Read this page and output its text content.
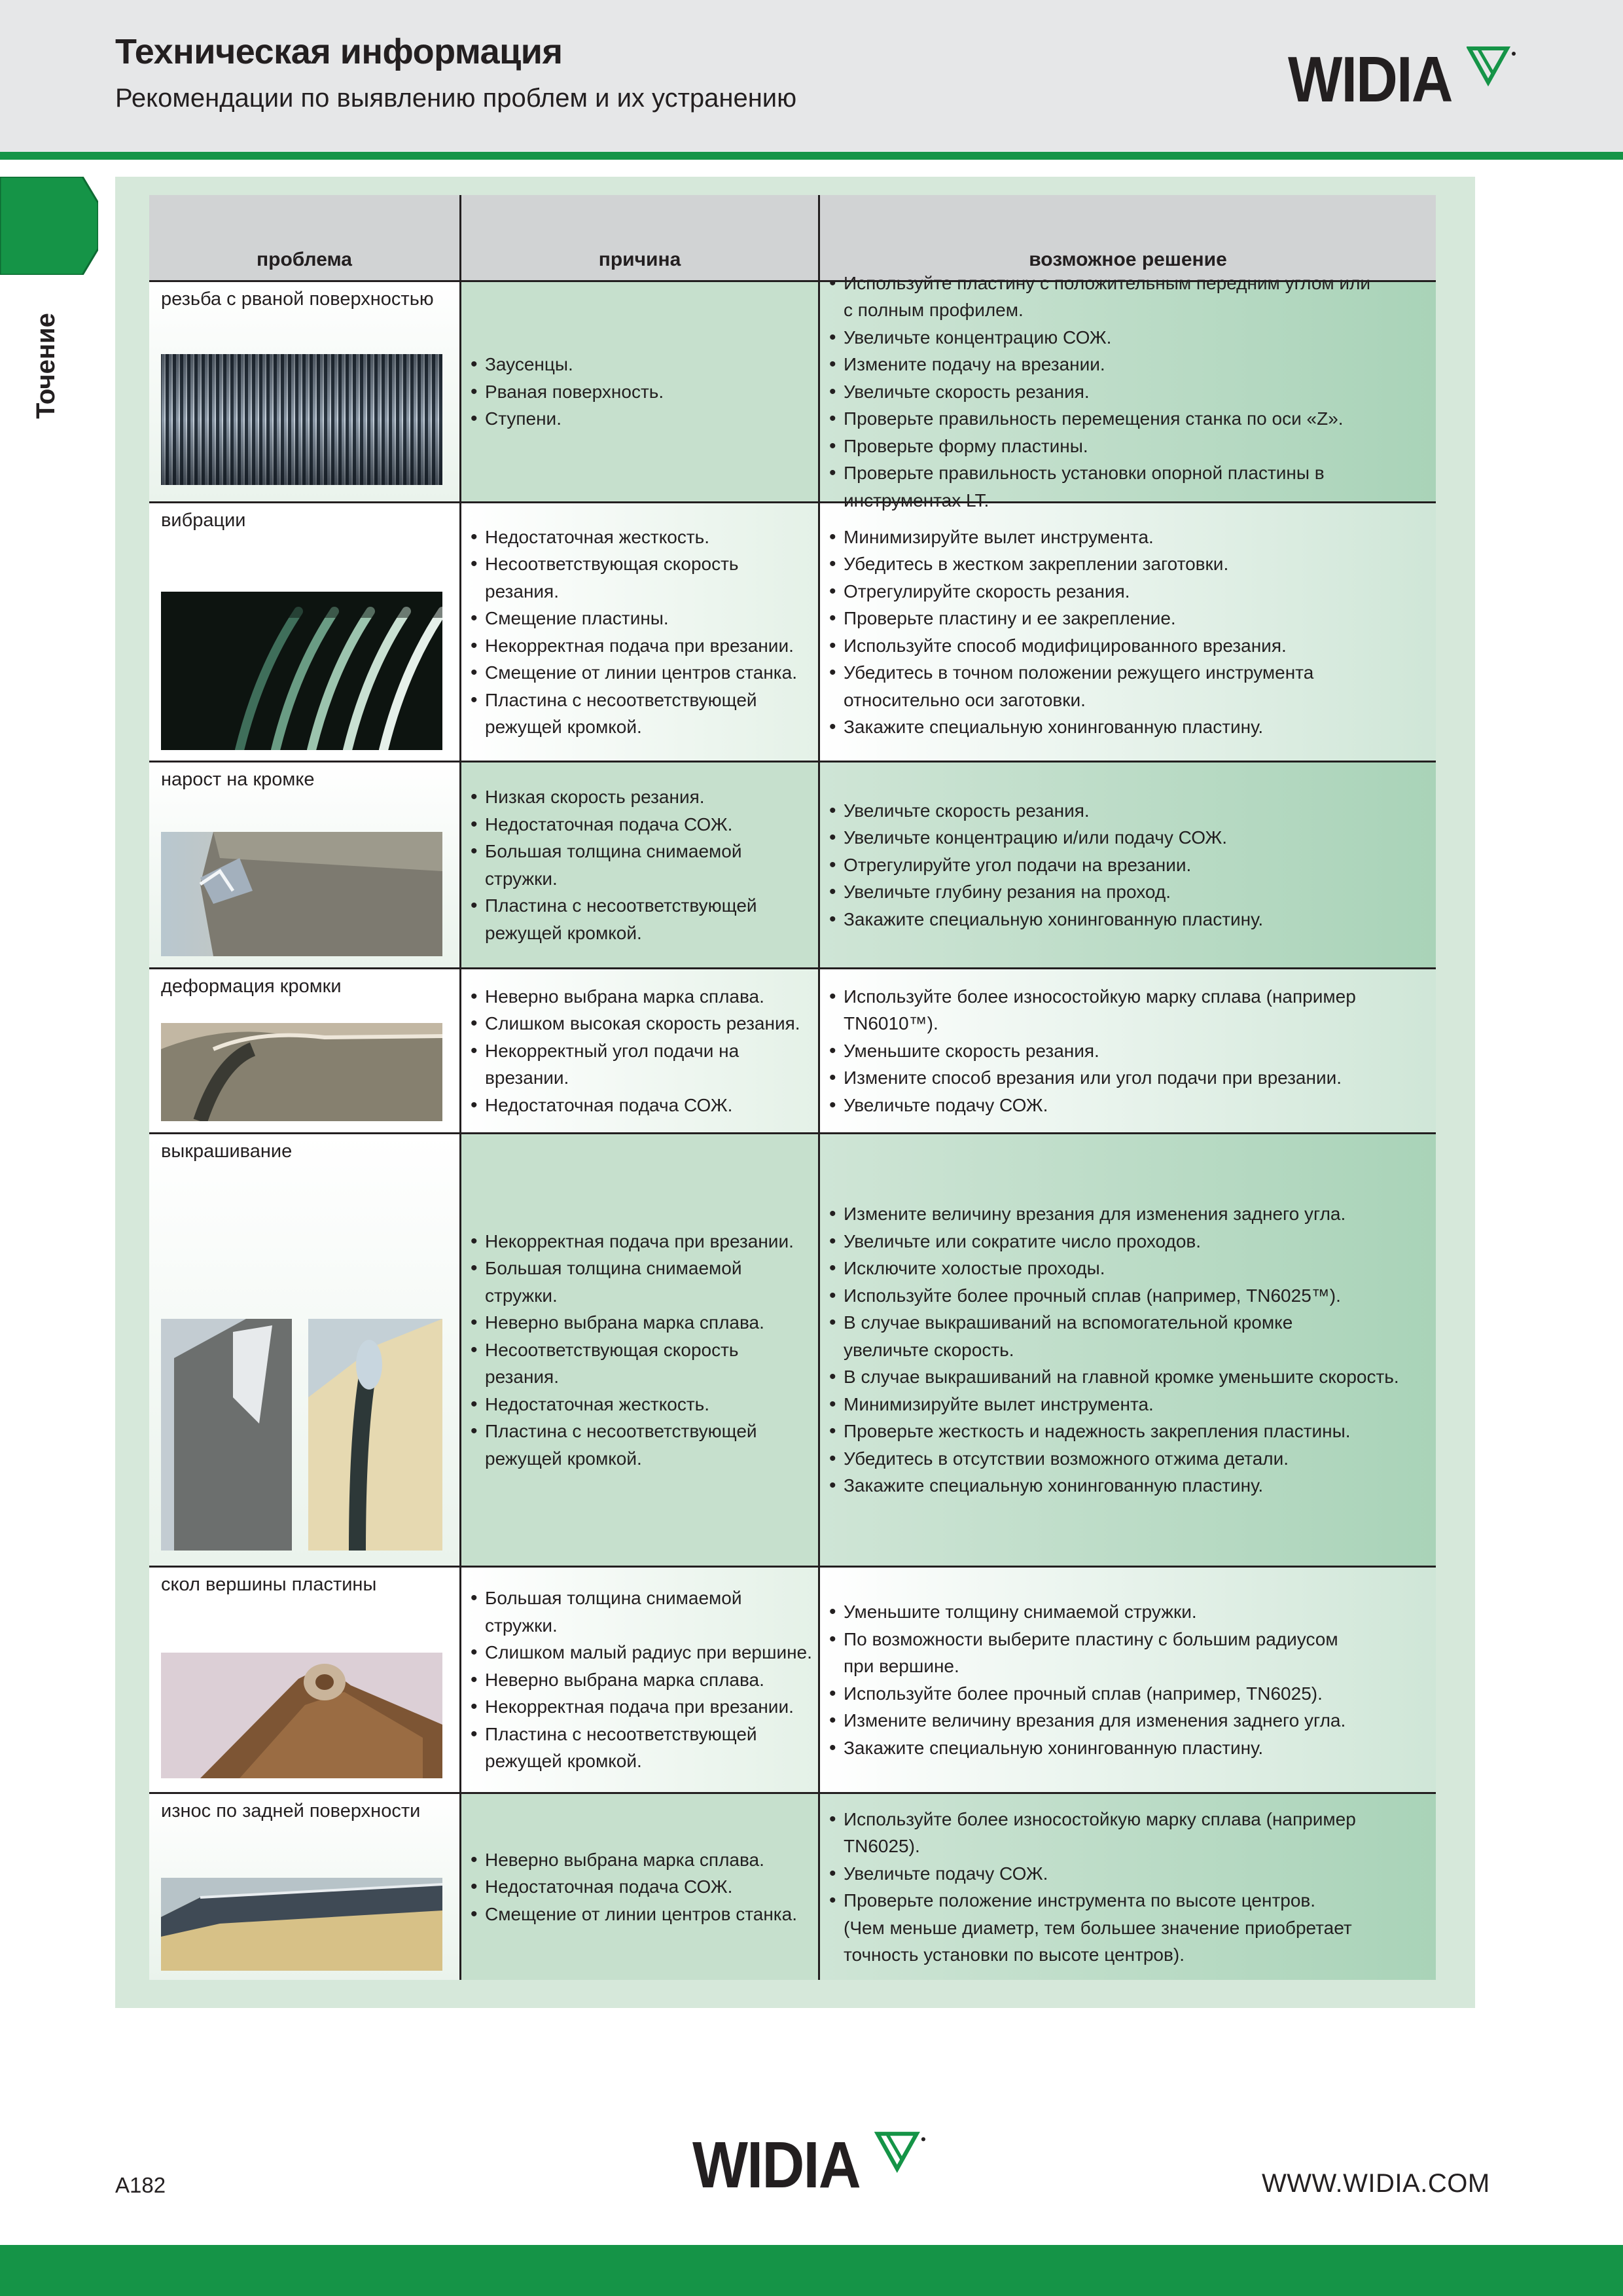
Техническая информация
Рекомендации по выявлению проблем и их устранению	WIDIA
Точение
проблема	причина	возможное решение
резьба с рваной поверхностью
• Заусенцы.
• Рваная поверхность.
• Ступени.
• Используйте пластину с положительным передним углом или
с полным профилем.
• Увеличьте концентрацию СОЖ.
• Измените подачу на врезании.
• Увеличьте скорость резания.
• Проверьте правильность перемещения станка по оси «Z».
• Проверьте форму пластины.
• Проверьте правильность установки опорной пластины в инструментах LT.
вибрации
• Недостаточная жесткость.
• Несоответствующая скорость резания.
• Смещение пластины.
• Некорректная подача при врезании.
• Смещение от линии центров станка.
• Пластина с несоответствующей
режущей кромкой.
• Минимизируйте вылет инструмента.
• Убедитесь в жестком закреплении заготовки.
• Отрегулируйте скорость резания.
• Проверьте пластину и ее закрепление.
• Используйте способ модифицированного врезания.
• Убедитесь в точном положении режущего инструмента
относительно оси заготовки.
• Закажите специальную хонингованную пластину.
нарост на кромке
• Низкая скорость резания.
• Недостаточная подача СОЖ.
• Большая толщина снимаемой стружки.
• Пластина с несоответствующей
режущей кромкой.
• Увеличьте скорость резания.
• Увеличьте концентрацию и/или подачу СОЖ.
• Отрегулируйте угол подачи на врезании.
• Увеличьте глубину резания на проход.
• Закажите специальную хонингованную пластину.
деформация кромки
•	Неверно выбрана марка сплава.
• Слишком высокая скорость резания.
• Некорректный угол подачи на врезании.
• Недостаточная подача СОЖ.
• Используйте более износостойкую марку сплава (например TN6010™).
• Уменьшите скорость резания.
• Измените способ врезания или угол подачи при врезании.
• Увеличьте подачу СОЖ.
выкрашивание
• Некорректная подача при врезании.
• Большая толщина снимаемой стружки.
• Неверно выбрана марка сплава.
• Несоответствующая скорость резания.
• Недостаточная жесткость.
• Пластина с несоответствующей
режущей кромкой.
• Измените величину врезания для изменения заднего угла.
• Увеличьте или сократите число проходов.
• Исключите холостые проходы.
• Используйте более прочный сплав (например, TN6025™).
• В случае выкрашиваний на вспомогательной кромке
увеличьте скорость.
• В случае выкрашиваний на главной кромке уменьшите скорость.
• Минимизируйте вылет инструмента.
• Проверьте жесткость и надежность закрепления пластины.
• Убедитесь в отсутствии возможного отжима детали.
• Закажите специальную хонингованную пластину.
скол вершины пластины
• Большая толщина снимаемой стружки.
• Слишком малый радиус при вершине.
• Неверно выбрана марка сплава.
• Некорректная подача при врезании.
• Пластина с несоответствующей
режущей кромкой.
• Уменьшите толщину снимаемой стружки.
• По возможности выберите пластину с большим радиусом
при вершине.
• Используйте более прочный сплав (например, TN6025).
• Измените величину врезания для изменения заднего угла.
• Закажите специальную хонингованную пластину.
износ по задней поверхности
• Неверно выбрана марка сплава.
• Недостаточная подача СОЖ.
• Смещение от линии центров станка.
• Используйте более износостойкую марку сплава (например TN6025).
• Увеличьте подачу СОЖ.
• Проверьте положение инструмента по высоте центров.
(Чем меньше диаметр, тем большее значение приобретает
точность установки по высоте центров).
A182	WIDIA	WWW.WIDIA.COM
